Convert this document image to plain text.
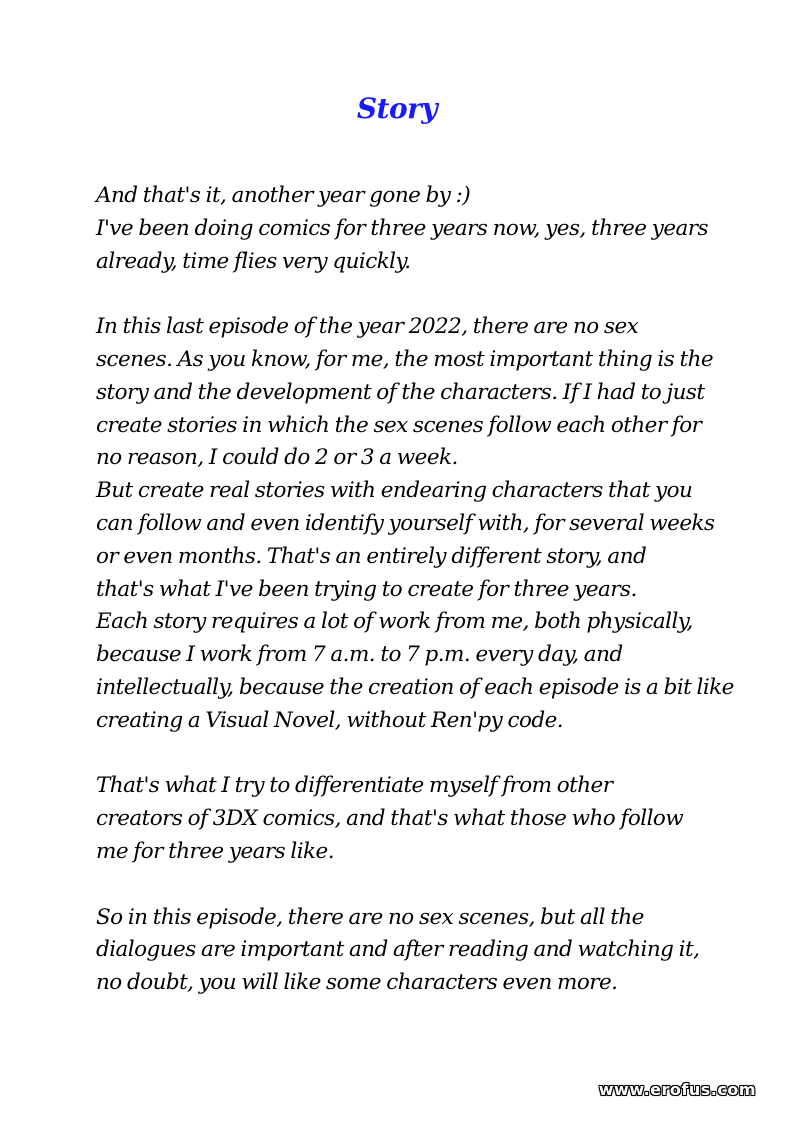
Story
And that's it, another year gone by :)
I've been doing comics for three years now, yes, three years
already, time flies very quickly.
In this last episode of the year 2022, there are no sex
scenes. As you know, for me, the most important thing is the
story and the development of the characters. If I had to just
create stories in which the sex scenes follow each other for
no reason, I could do 2 or 3 a week.
But create real stories with endearing characters that you
can follow and even identify yourself with, for several weeks
or even months. That's an entirely different story, and
that's what I've been trying to create for three years.
Each story requires a lot of work from me, both physically,
because I work from 7 a.m. to 7 p.m. every day, and
intellectually, because the creation of each episode is a bit like
creating a Visual Novel, without Ren'py code.
That's what I try to differentiate myself from other
creators of 3DX comics, and that's what those who follow
me for three years like.
So in this episode, there are no sex scenes, but all the
dialogues are important and after reading and watching it,
no doubt, you will like some characters even more.
www.erofus.com
